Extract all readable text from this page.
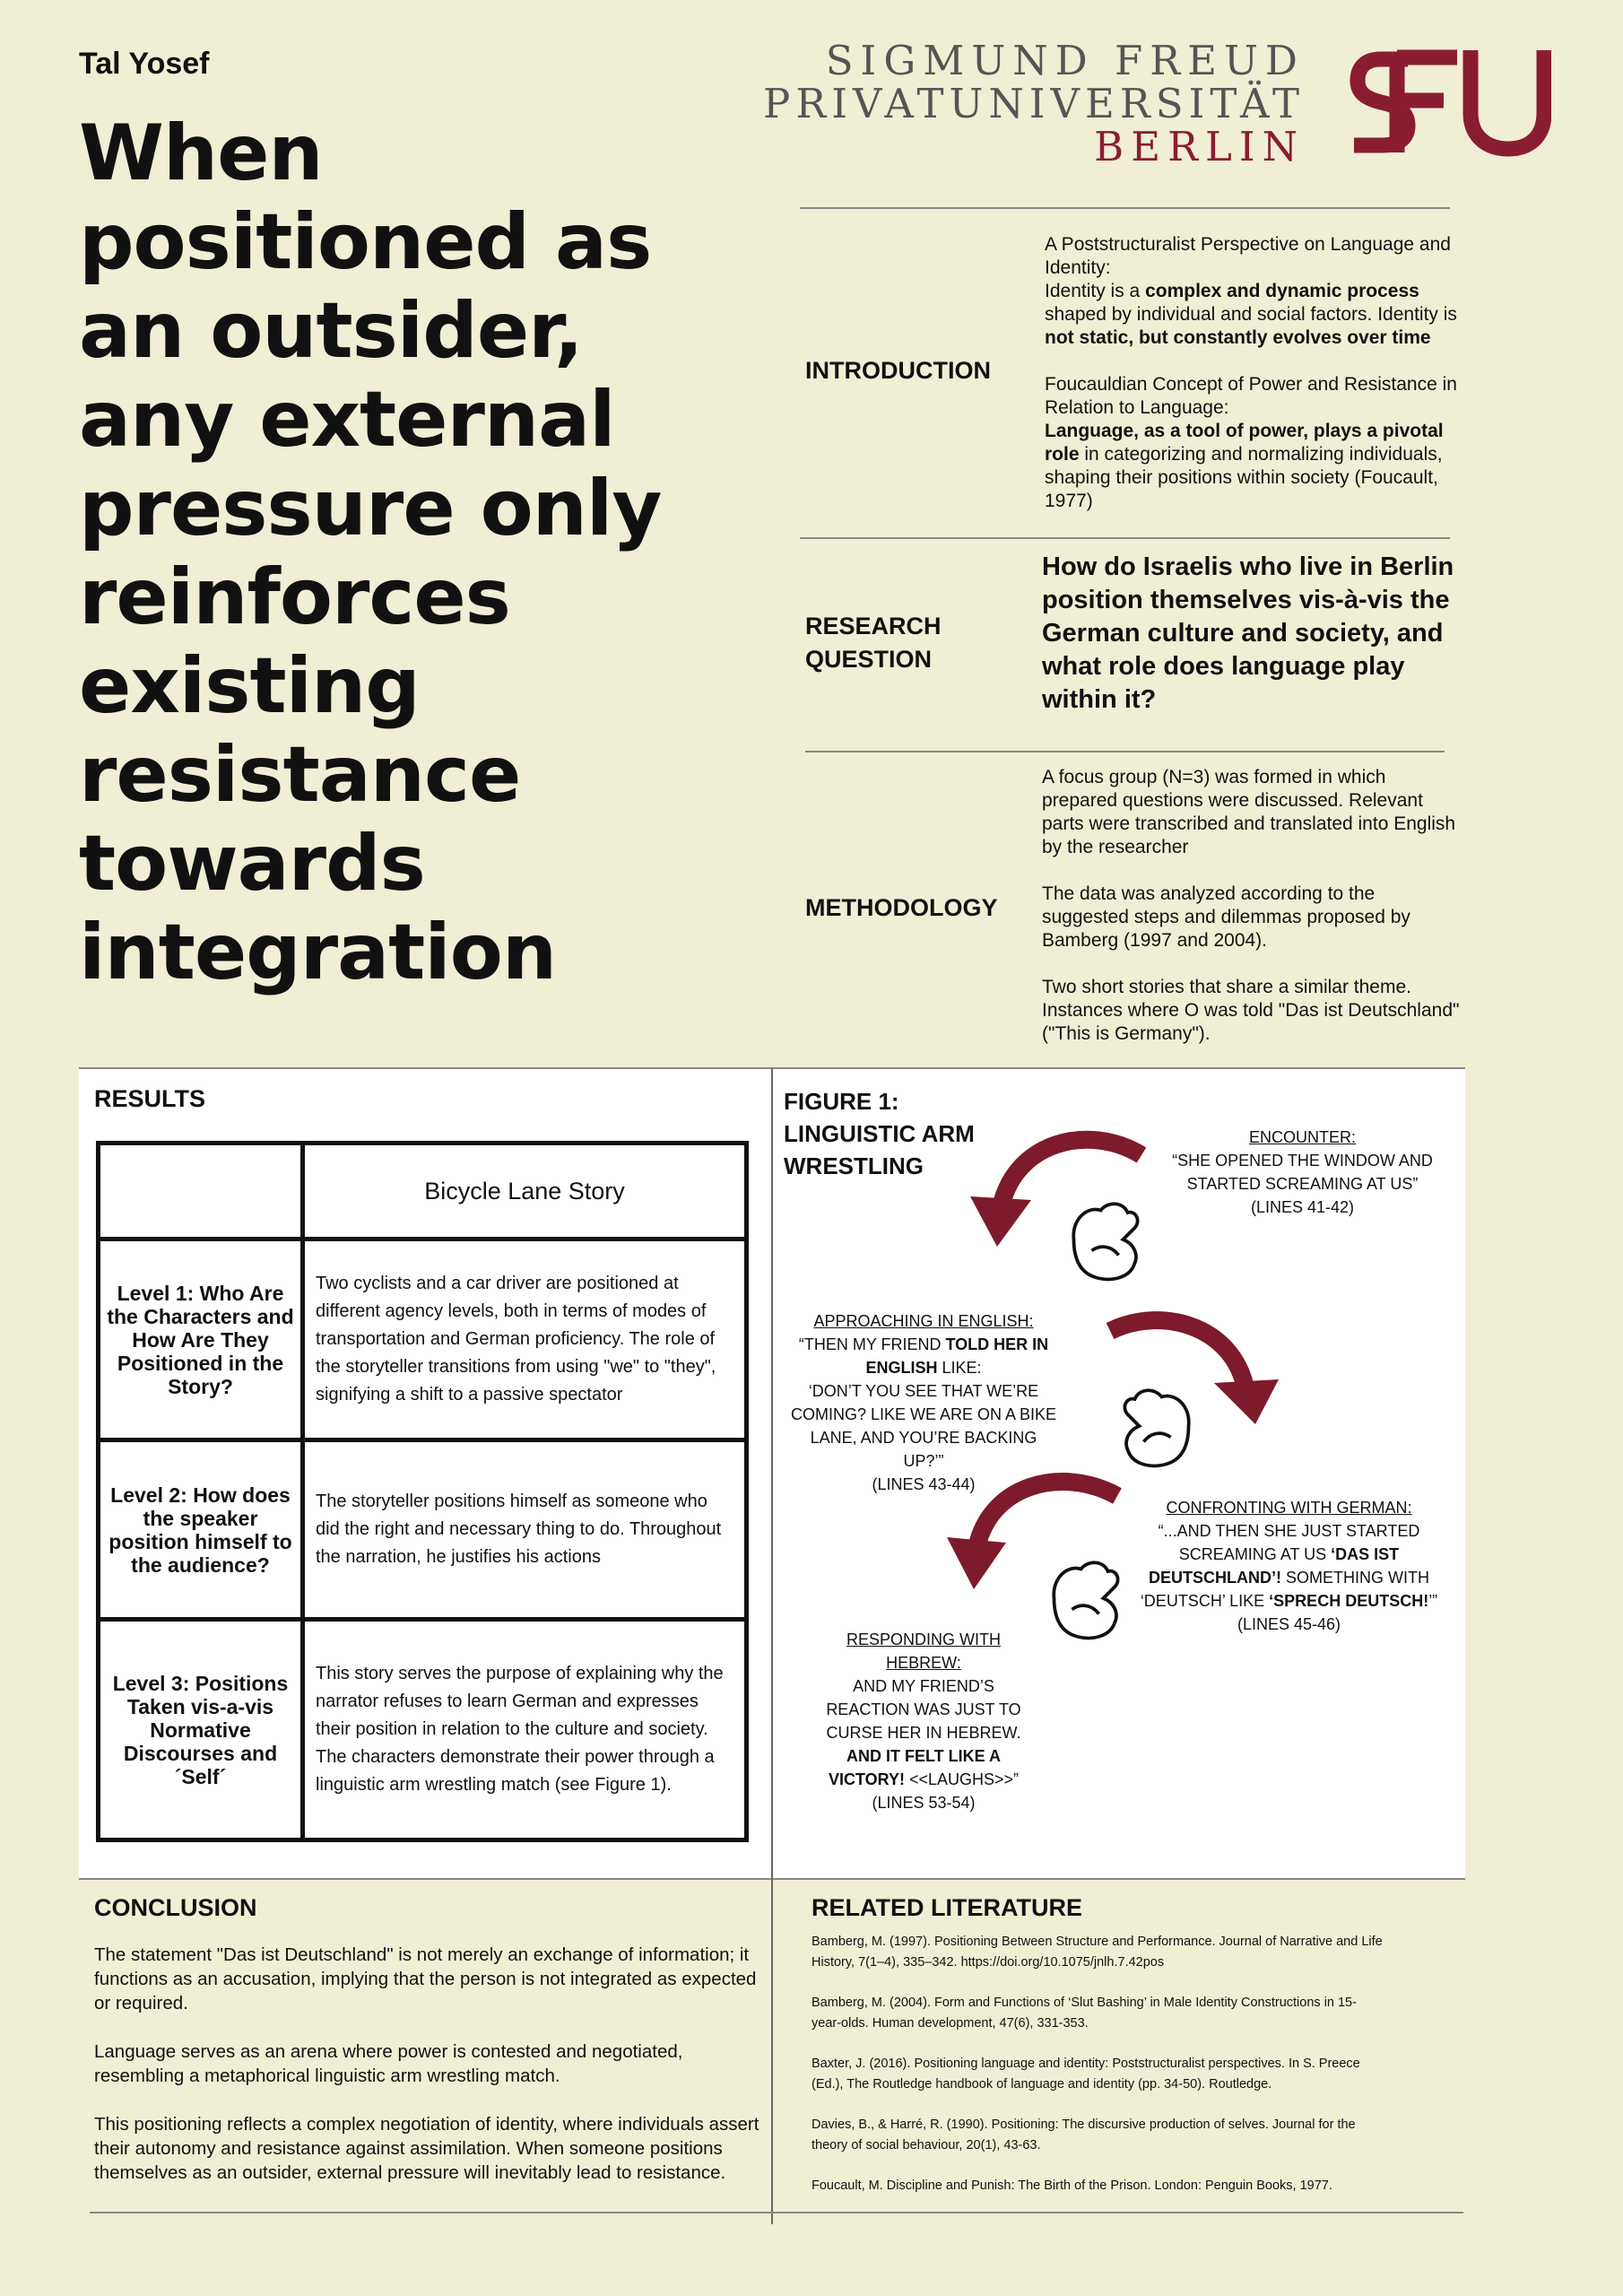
Tal Yosef
When positioned as an outsider, any external pressure only reinforces existing resistance towards integration
SIGMUND FREUD
PRIVATUNIVERSITÄT
BERLIN
INTRODUCTION

A Poststructuralist Perspective on Language and Identity:
Identity is a complex and dynamic process shaped by individual and social factors. Identity is not static, but constantly evolves over time

Foucauldian Concept of Power and Resistance in Relation to Language:
Language, as a tool of power, plays a pivotal role in categorizing and normalizing individuals, shaping their positions within society (Foucault, 1977)

RESEARCH
QUESTION
How do Israelis who live in Berlin position themselves vis-à-vis the German culture and society, and what role does language play within it?
METHODOLOGY

A focus group (N=3) was formed in which prepared questions were discussed. Relevant parts were transcribed and translated into English by the researcher

The data was analyzed according to the suggested steps and dilemmas proposed by Bamberg (1997 and 2004).

Two short stories that share a similar theme. Instances where O was told "Das ist Deutschland" ("This is Germany").

RESULTS
	Bicycle Lane Story
Level 1: Who Are the Characters and How Are They Positioned in the Story?	Two cyclists and a car driver are positioned at different agency levels, both in terms of modes of transportation and German proficiency. The role of the storyteller transitions from using "we" to "they", signifying a shift to a passive spectator
Level 2: How does the speaker position himself to the audience?	The storyteller positions himself as someone who did the right and necessary thing to do. Throughout the narration, he justifies his actions
Level 3: Positions Taken vis-a-vis Normative Discourses and ´Self´	This story serves the purpose of explaining why the narrator refuses to learn German and expresses their position in relation to the culture and society. The characters demonstrate their power through a linguistic arm wrestling match (see Figure 1).
FIGURE 1:
LINGUISTIC ARM
WRESTLING
ENCOUNTER:
“SHE OPENED THE WINDOW AND STARTED SCREAMING AT US”
(LINES 41-42)
APPROACHING IN ENGLISH:
“THEN MY FRIEND TOLD HER IN ENGLISH LIKE:
‘DON’T YOU SEE THAT WE’RE COMING? LIKE WE ARE ON A BIKE LANE, AND YOU’RE BACKING UP?’”
(LINES 43-44)
CONFRONTING WITH GERMAN:
“...AND THEN SHE JUST STARTED SCREAMING AT US ‘DAS IST DEUTSCHLAND’! SOMETHING WITH ‘DEUTSCH’ LIKE ‘SPRECH DEUTSCH!’” (LINES 45-46)
RESPONDING WITH HEBREW:
AND MY FRIEND’S REACTION WAS JUST TO CURSE HER IN HEBREW. AND IT FELT LIKE A VICTORY! <<LAUGHS>>”
(LINES 53-54)
CONCLUSION

The statement "Das ist Deutschland" is not merely an exchange of information; it functions as an accusation, implying that the person is not integrated as expected or required.

Language serves as an arena where power is contested and negotiated, resembling a metaphorical linguistic arm wrestling match.

This positioning reflects a complex negotiation of identity, where individuals assert their autonomy and resistance against assimilation. When someone positions themselves as an outsider, external pressure will inevitably lead to resistance.

RELATED LITERATURE

Bamberg, M. (1997). Positioning Between Structure and Performance. Journal of Narrative and Life History, 7(1–4), 335–342. https://doi.org/10.1075/jnlh.7.42pos

Bamberg, M. (2004). Form and Functions of ‘Slut Bashing’ in Male Identity Constructions in 15-year-olds. Human development, 47(6), 331-353.

Baxter, J. (2016). Positioning language and identity: Poststructuralist perspectives. In S. Preece (Ed.), The Routledge handbook of language and identity (pp. 34-50). Routledge.

Davies, B., & Harré, R. (1990). Positioning: The discursive production of selves. Journal for the theory of social behaviour, 20(1), 43-63.

Foucault, M. Discipline and Punish: The Birth of the Prison. London: Penguin Books, 1977.
